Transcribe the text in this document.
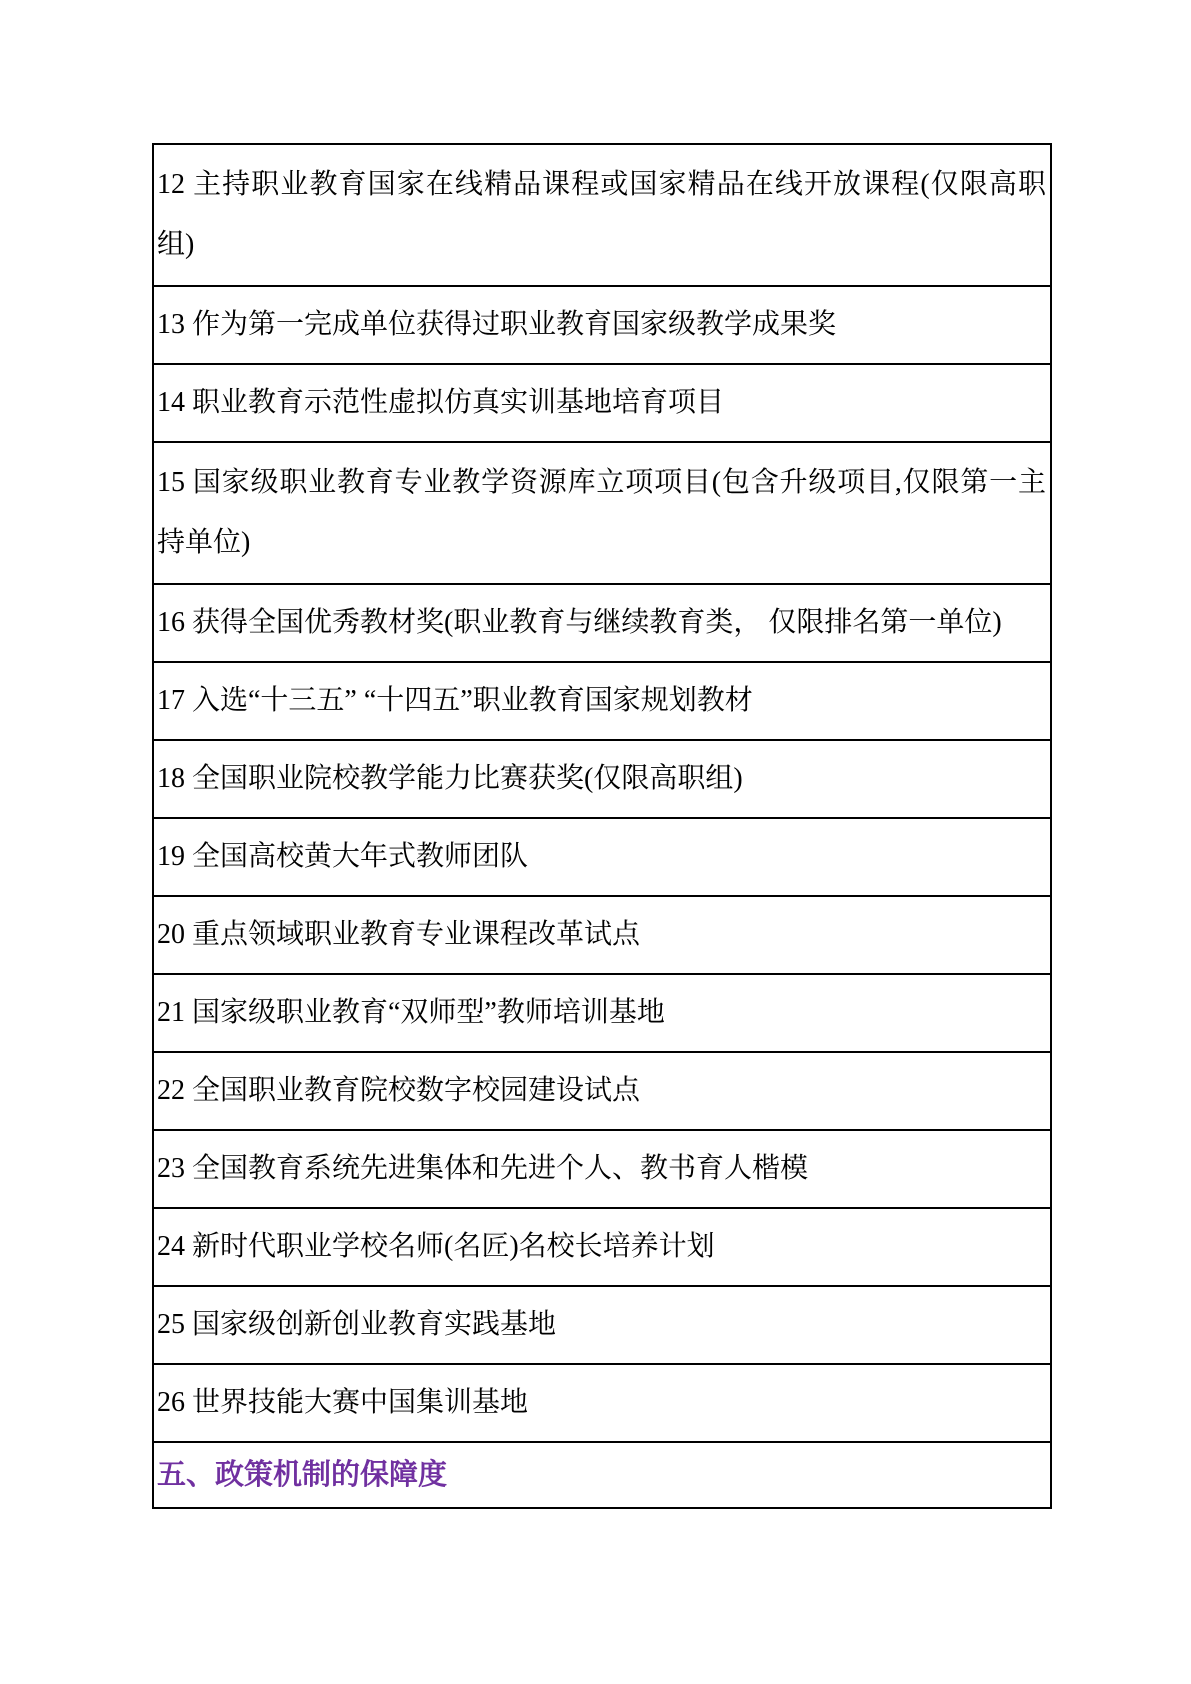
12 主持职业教育国家在线精品课程或国家精品在线开放课程(仅限高职组)
13 作为第一完成单位获得过职业教育国家级教学成果奖
14 职业教育示范性虚拟仿真实训基地培育项目
15 国家级职业教育专业教学资源库立项项目(包含升级项目,仅限第一主持单位)
16 获得全国优秀教材奖(职业教育与继续教育类， 仅限排名第一单位)
17 入选“十三五” “十四五”职业教育国家规划教材
18 全国职业院校教学能力比赛获奖(仅限高职组)
19 全国高校黄大年式教师团队
20 重点领域职业教育专业课程改革试点
21 国家级职业教育“双师型”教师培训基地
22 全国职业教育院校数字校园建设试点
23 全国教育系统先进集体和先进个人、教书育人楷模
24 新时代职业学校名师(名匠)名校长培养计划
25 国家级创新创业教育实践基地
26 世界技能大赛中国集训基地
五、政策机制的保障度
